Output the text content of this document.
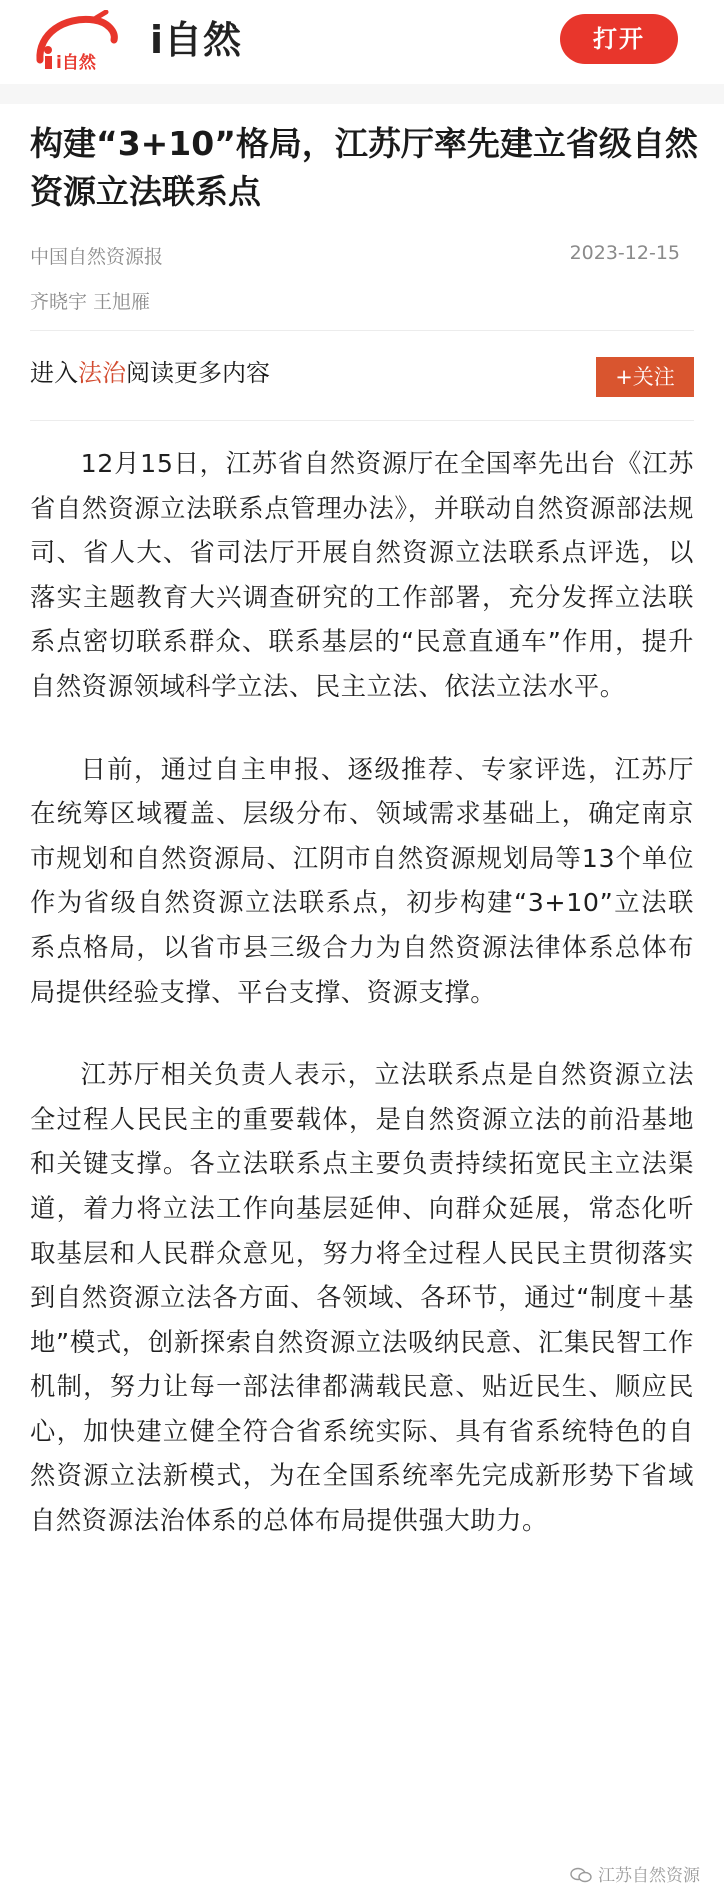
i自然
i自然	打开
构建“3+10”格局，江苏厅率先建立省级自然资源立法联系点
中国自然资源报	2023-12-15
齐晓宇 王旭雁
进入法治阅读更多内容	+关注

12月15日，江苏省自然资源厅在全国率先出台《江苏省自然资源立法联系点管理办法》，并联动自然资源部法规司、省人大、省司法厅开展自然资源立法联系点评选，以落实主题教育大兴调查研究的工作部署，充分发挥立法联系点密切联系群众、联系基层的“民意直通车”作用，提升自然资源领域科学立法、民主立法、依法立法水平。

日前，通过自主申报、逐级推荐、专家评选，江苏厅在统筹区域覆盖、层级分布、领域需求基础上，确定南京市规划和自然资源局、江阴市自然资源规划局等13个单位作为省级自然资源立法联系点，初步构建“3+10”立法联系点格局，以省市县三级合力为自然资源法律体系总体布局提供经验支撑、平台支撑、资源支撑。

江苏厅相关负责人表示，立法联系点是自然资源立法全过程人民民主的重要载体，是自然资源立法的前沿基地和关键支撑。各立法联系点主要负责持续拓宽民主立法渠道，着力将立法工作向基层延伸、向群众延展，常态化听取基层和人民群众意见，努力将全过程人民民主贯彻落实到自然资源立法各方面、各领域、各环节，通过“制度＋基地”模式，创新探索自然资源立法吸纳民意、汇集民智工作机制，努力让每一部法律都满载民意、贴近民生、顺应民心，加快建立健全符合省系统实际、具有省系统特色的自然资源立法新模式，为在全国系统率先完成新形势下省域自然资源法治体系的总体布局提供强大助力。

江苏自然资源
